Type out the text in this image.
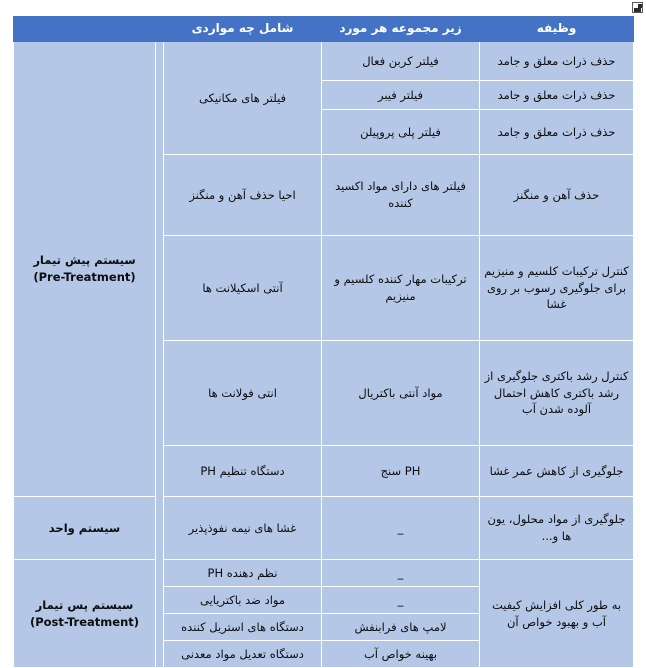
وظیفه	زیر مجموعه هر مورد	شامل چه مواردی		
حذف ذرات معلق و جامد	فیلتر کربن فعال	فیلتر های مکانیکی		سیستم پیش تیمار
(Pre-Treatment)

حذف ذرات معلق و جامد	فیلتر فیبر			
حذف ذرات معلق و جامد	فیلتر پلی پروپیلن			
حذف آهن و منگنز	فیلتر های دارای مواد اکسید کننده	احیا حذف آهن و منگنز		
کنترل ترکیبات کلسیم و منیزیم برای جلوگیری رسوب بر روی غشا	ترکیبات مهار کننده کلسیم و منیزیم	آنتی اسکیلانت ها		
کنترل رشد باکتری جلوگیری از رشد باکتری کاهش احتمال آلوده شدن آب	مواد آنتی باکتریال	انتی فولانت ها		
جلوگیری از کاهش عمر غشا	PH سنج	دستگاه تنظیم PH		
جلوگیری از مواد محلول، یون ها و...	_	غشا های نیمه نفوذپذیر		سیستم واحد
به طور کلی افزایش کیفیت آب و بهبود خواص آن	_	نظم دهنده PH		سیستم پس تیمار
(Post-Treatment)

	_	مواد ضد باکتریایی		
	لامپ های فرابنفش	دستگاه های استریل کننده		
	بهینه خواص آب	دستگاه تعدیل مواد معدنی		
